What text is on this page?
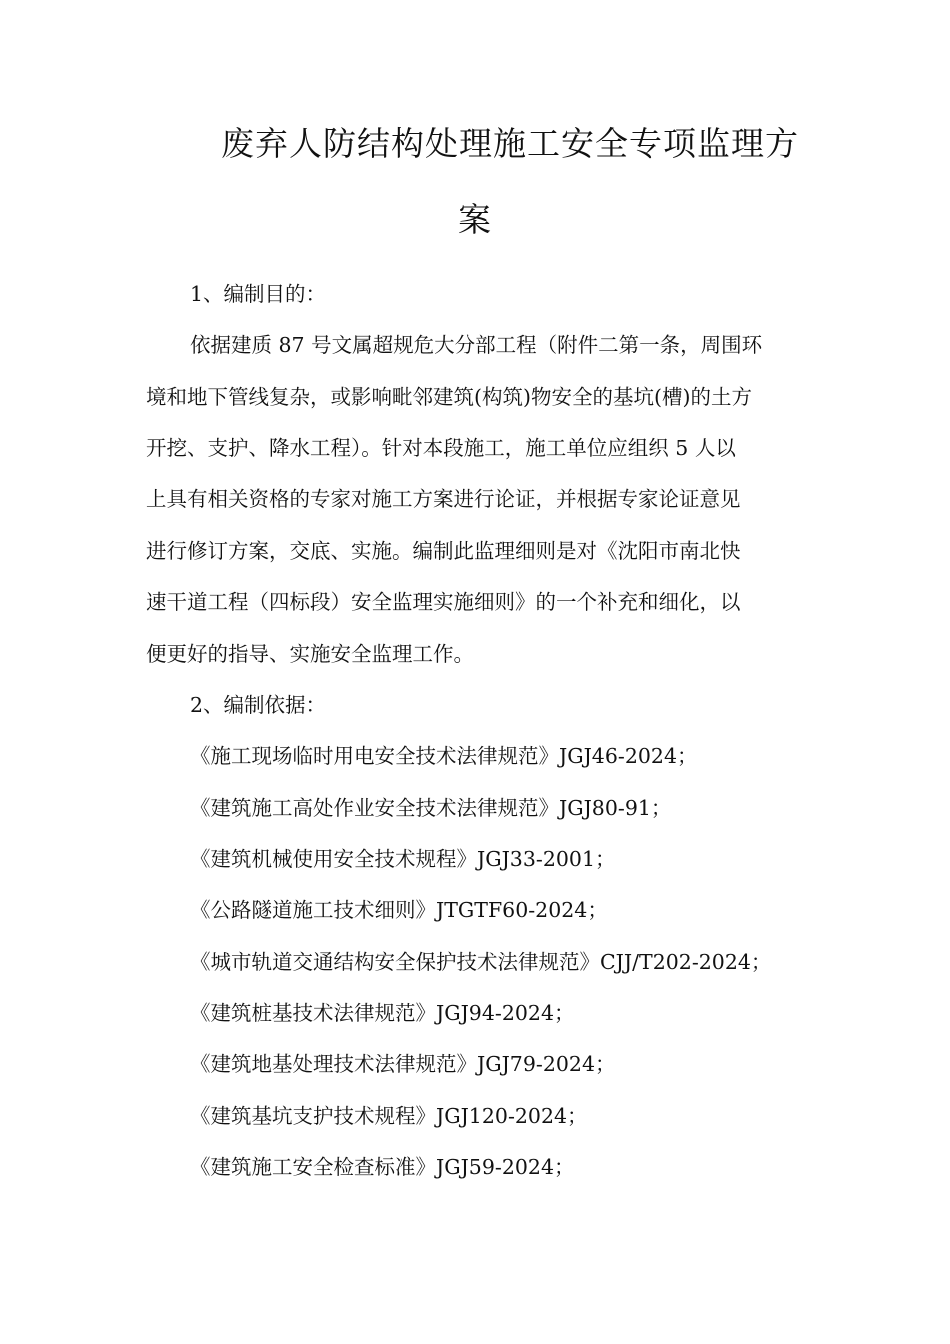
废弃人防结构处理施工安全专项监理方
案
1、编制目的：
依据建质 87 号文属超规危大分部工程（附件二第一条，周围环
境和地下管线复杂，或影响毗邻建筑(构筑)物安全的基坑(槽)的土方
开挖、支护、降水工程）。针对本段施工，施工单位应组织 5 人以
上具有相关资格的专家对施工方案进行论证，并根据专家论证意见
进行修订方案，交底、实施。编制此监理细则是对《沈阳市南北快
速干道工程（四标段）安全监理实施细则》的一个补充和细化，以
便更好的指导、实施安全监理工作。
2、编制依据：
《施工现场临时用电安全技术法律规范》JGJ46-2024；
《建筑施工高处作业安全技术法律规范》JGJ80-91；
《建筑机械使用安全技术规程》JGJ33-2001；
《公路隧道施工技术细则》JTGTF60-2024；
《城市轨道交通结构安全保护技术法律规范》CJJ/T202-2024；
《建筑桩基技术法律规范》JGJ94-2024；
《建筑地基处理技术法律规范》JGJ79-2024；
《建筑基坑支护技术规程》JGJ120-2024；
《建筑施工安全检查标准》JGJ59-2024；
